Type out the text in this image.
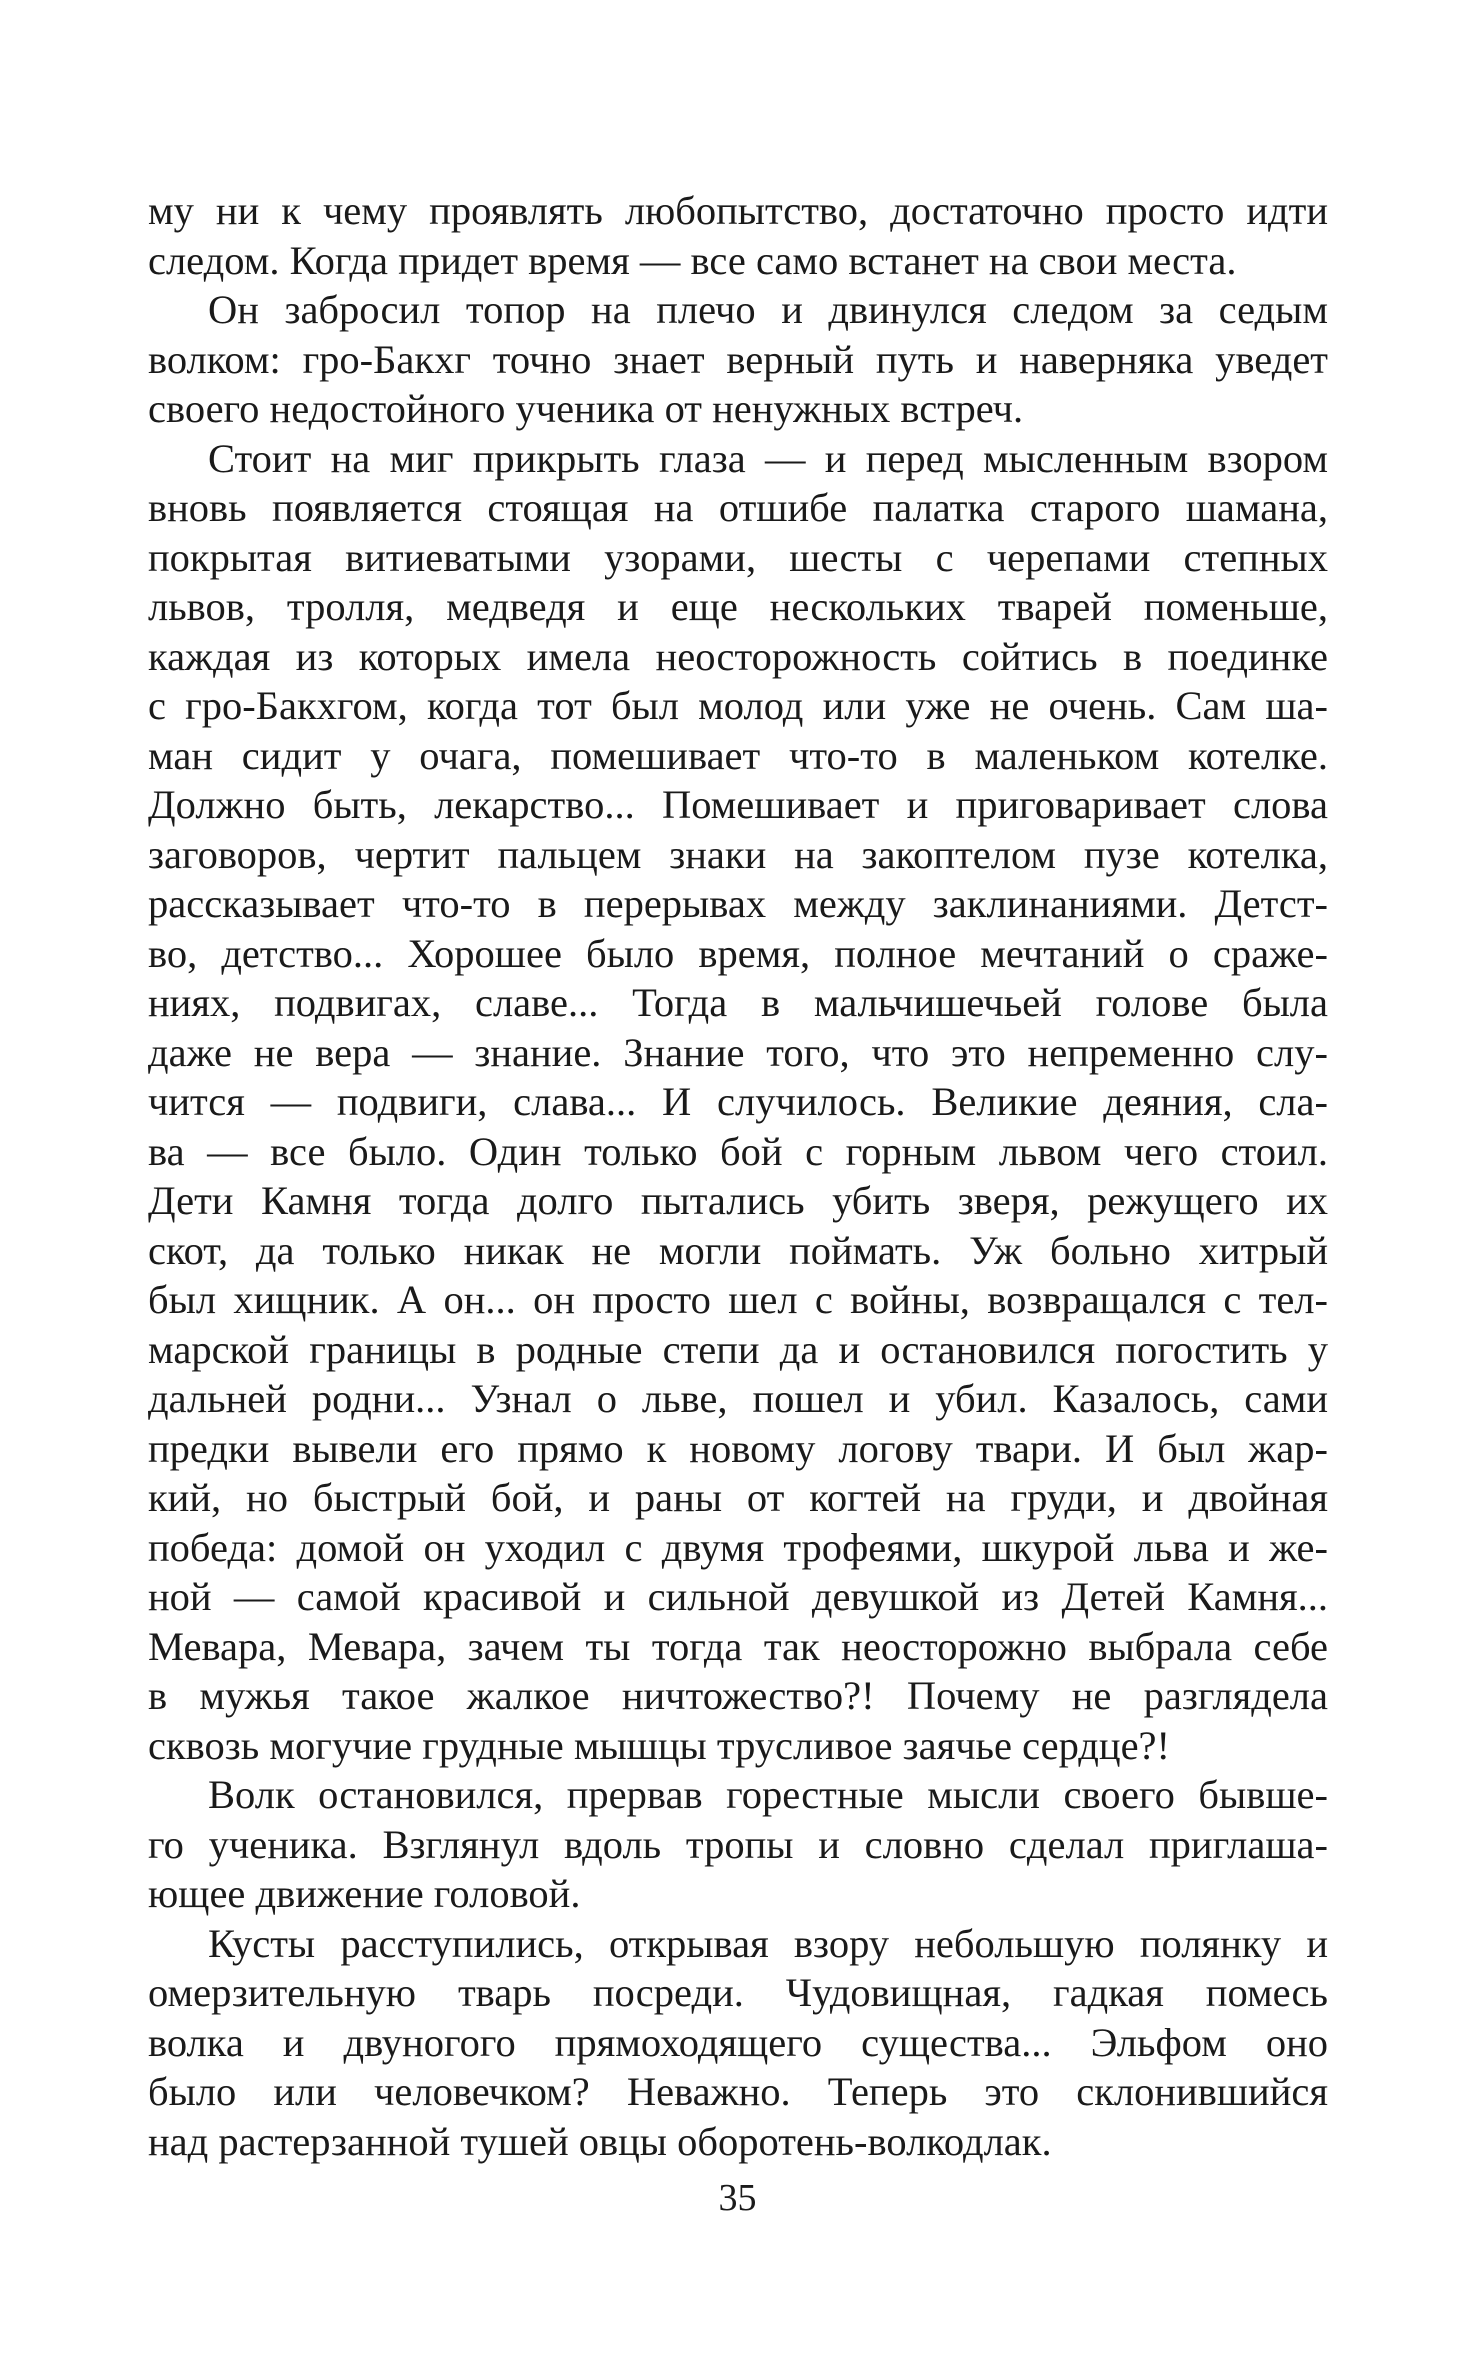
му ни к чему проявлять любопытство, достаточно просто идти
следом. Когда придет время — все само встанет на свои места.
Он забросил топор на плечо и двинулся следом за седым
волком: гро-Бакхг точно знает верный путь и наверняка уведет
своего недостойного ученика от ненужных встреч.
Стоит на миг прикрыть глаза — и перед мысленным взором
вновь появляется стоящая на отшибе палатка старого шамана,
покрытая витиеватыми узорами, шесты с черепами степных
львов, тролля, медведя и еще нескольких тварей поменьше,
каждая из которых имела неосторожность сойтись в поединке
с гро-Бакхгом, когда тот был молод или уже не очень. Сам ша-
ман сидит у очага, помешивает что-то в маленьком котелке.
Должно быть, лекарство... Помешивает и приговаривает слова
заговоров, чертит пальцем знаки на закоптелом пузе котелка,
рассказывает что-то в перерывах между заклинаниями. Детст-
во, детство... Хорошее было время, полное мечтаний о сраже-
ниях, подвигах, славе... Тогда в мальчишечьей голове была
даже не вера — знание. Знание того, что это непременно слу-
чится — подвиги, слава... И случилось. Великие деяния, сла-
ва — все было. Один только бой с горным львом чего стоил.
Дети Камня тогда долго пытались убить зверя, режущего их
скот, да только никак не могли поймать. Уж больно хитрый
был хищник. А он... он просто шел с войны, возвращался с тел-
марской границы в родные степи да и остановился погостить у
дальней родни... Узнал о льве, пошел и убил. Казалось, сами
предки вывели его прямо к новому логову твари. И был жар-
кий, но быстрый бой, и раны от когтей на груди, и двойная
победа: домой он уходил с двумя трофеями, шкурой льва и же-
ной — самой красивой и сильной девушкой из Детей Камня...
Мевара, Мевара, зачем ты тогда так неосторожно выбрала себе
в мужья такое жалкое ничтожество?! Почему не разглядела
сквозь могучие грудные мышцы трусливое заячье сердце?!
Волк остановился, прервав горестные мысли своего бывше-
го ученика. Взглянул вдоль тропы и словно сделал приглаша-
ющее движение головой.
Кусты расступились, открывая взору небольшую полянку и
омерзительную тварь посреди. Чудовищная, гадкая помесь
волка и двуногого прямоходящего существа... Эльфом оно
было или человечком? Неважно. Теперь это склонившийся
над растерзанной тушей овцы оборотень-волкодлак.
35
